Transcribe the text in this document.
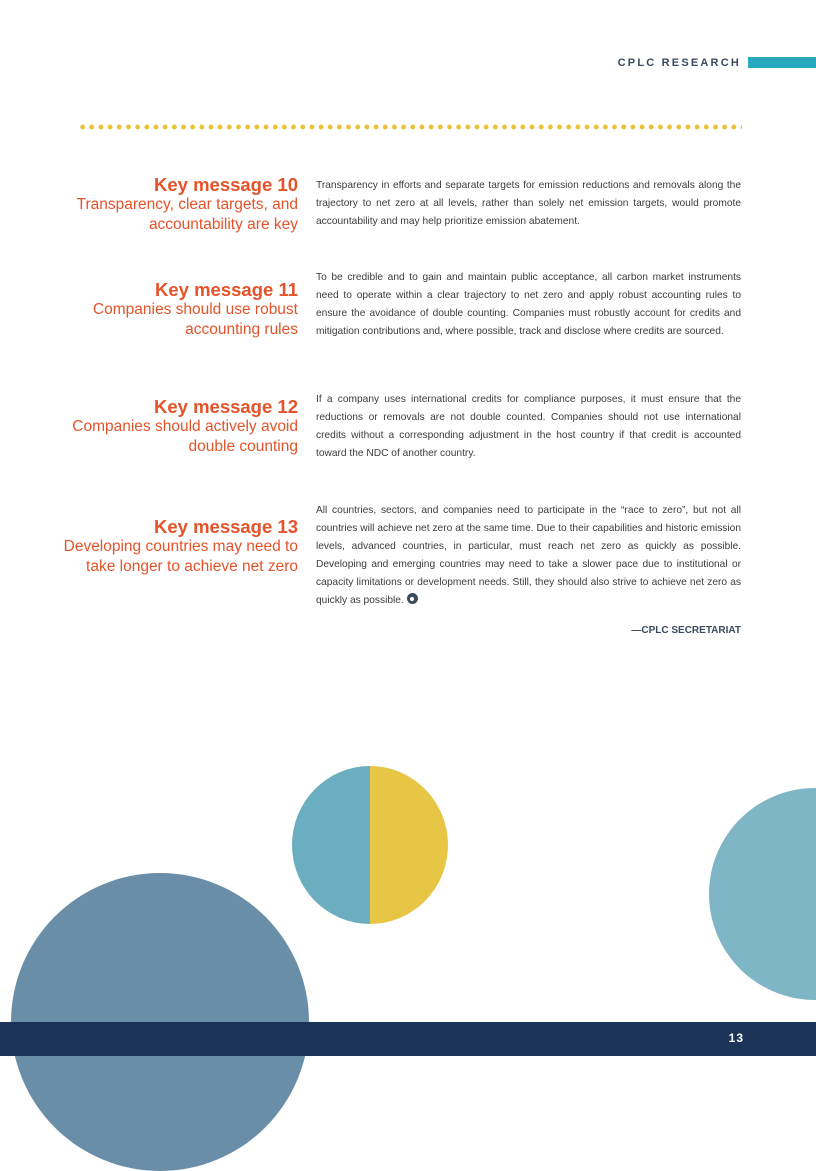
CPLC RESEARCH
Key message 10
Transparency, clear targets, and accountability are key
Transparency in efforts and separate targets for emission reductions and removals along the trajectory to net zero at all levels, rather than solely net emission targets, would promote accountability and may help prioritize emission abatement.
Key message 11
Companies should use robust accounting rules
To be credible and to gain and maintain public acceptance, all carbon market instruments need to operate within a clear trajectory to net zero and apply robust accounting rules to ensure the avoidance of double counting. Companies must robustly account for credits and mitigation contributions and, where possible, track and disclose where credits are sourced.
Key message 12
Companies should actively avoid double counting
If a company uses international credits for compliance purposes, it must ensure that the reductions or removals are not double counted. Companies should not use international credits without a corresponding adjustment in the host country if that credit is accounted toward the NDC of another country.
Key message 13
Developing countries may need to take longer to achieve net zero
All countries, sectors, and companies need to participate in the “race to zero”, but not all countries will achieve net zero at the same time. Due to their capabilities and historic emission levels, advanced countries, in particular, must reach net zero as quickly as possible. Developing and emerging countries may need to take a slower pace due to institutional or capacity limitations or development needs. Still, they should also strive to achieve net zero as quickly as possible.
—CPLC SECRETARIAT
13
